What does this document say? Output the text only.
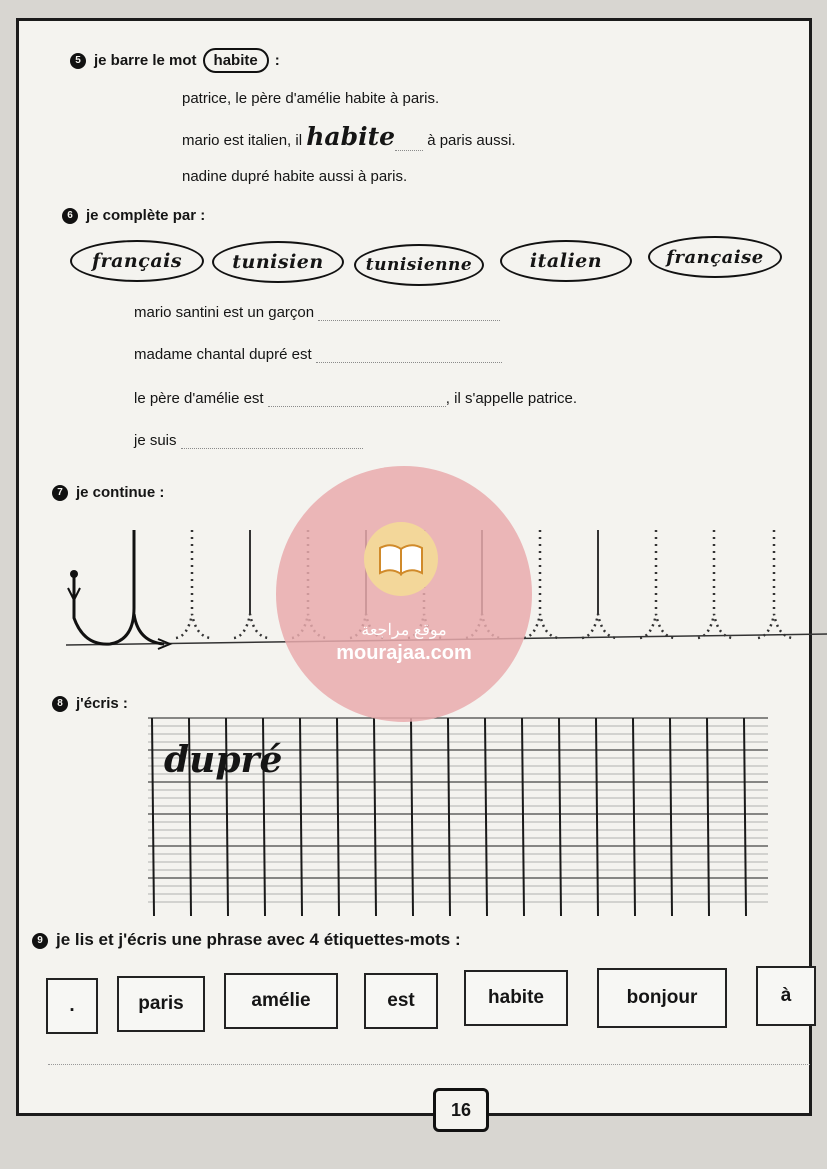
5 je barre le mot habite :
patrice, le père d'amélie habite à paris.
mario est italien, il habite à paris aussi.
nadine dupré habite aussi à paris.
6 je complète par :
français	tunisien	tunisienne	italien	française
mario santini est un garçon
madame chantal dupré est
le père d'amélie est	, il s'appelle patrice.
je suis
7 je continue :
8 j'écris :
dupré
9 je lis et j'écris une phrase avec 4 étiquettes-mots :
.	paris	amélie	est	habite	bonjour	à
موقع مراجعة
mourajaa.com
16
